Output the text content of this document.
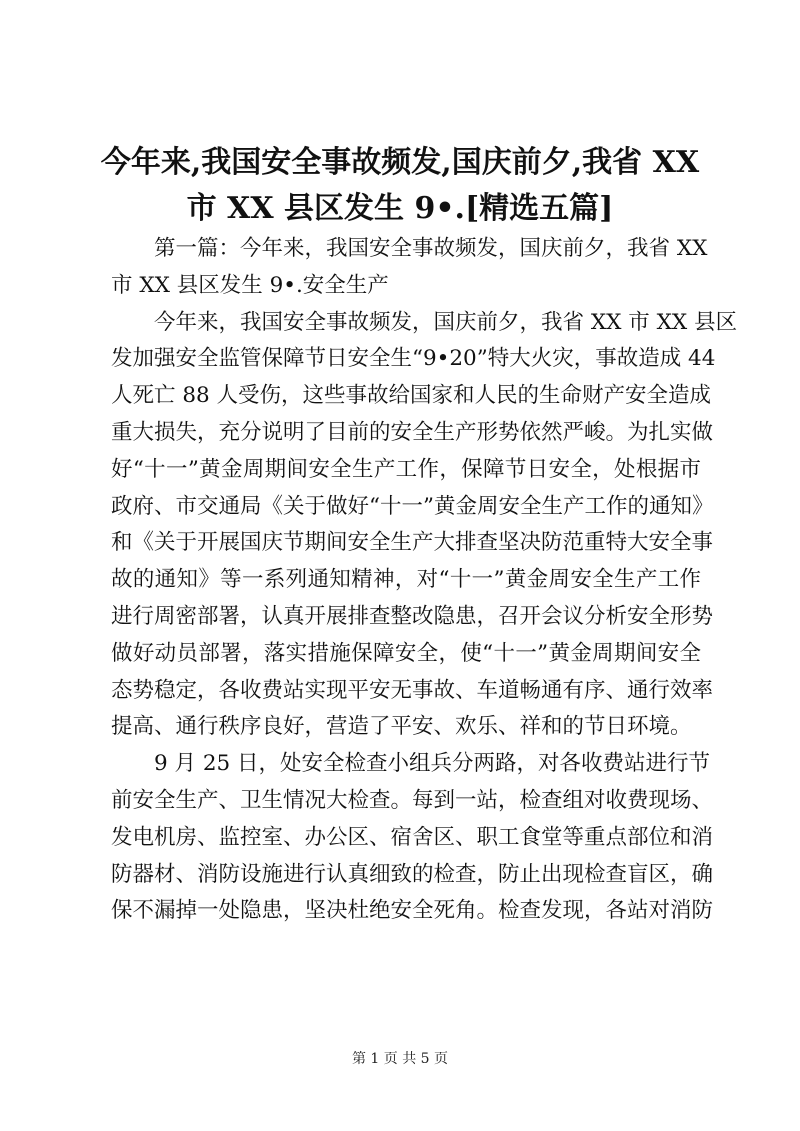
今年来,我国安全事故频发,国庆前夕,我省 XX
市 XX 县区发生 9•.[精选五篇]
第一篇：今年来，我国安全事故频发，国庆前夕，我省 XX
市 XX 县区发生 9•.安全生产
今年来，我国安全事故频发，国庆前夕，我省 XX 市 XX 县区
发加强安全监管保障节日安全生“9•20”特大火灾，事故造成 44
人死亡 88 人受伤，这些事故给国家和人民的生命财产安全造成
重大损失，充分说明了目前的安全生产形势依然严峻。为扎实做
好“十一”黄金周期间安全生产工作，保障节日安全，处根据市
政府、市交通局《关于做好“十一”黄金周安全生产工作的通知》
和《关于开展国庆节期间安全生产大排查坚决防范重特大安全事
故的通知》等一系列通知精神，对“十一”黄金周安全生产工作
进行周密部署，认真开展排查整改隐患，召开会议分析安全形势
做好动员部署，落实措施保障安全，使“十一”黄金周期间安全
态势稳定，各收费站实现平安无事故、车道畅通有序、通行效率
提高、通行秩序良好，营造了平安、欢乐、祥和的节日环境。
9 月 25 日，处安全检查小组兵分两路，对各收费站进行节
前安全生产、卫生情况大检查。每到一站，检查组对收费现场、
发电机房、监控室、办公区、宿舍区、职工食堂等重点部位和消
防器材、消防设施进行认真细致的检查，防止出现检查盲区，确
保不漏掉一处隐患，坚决杜绝安全死角。检查发现，各站对消防
第 1 页 共 5 页
